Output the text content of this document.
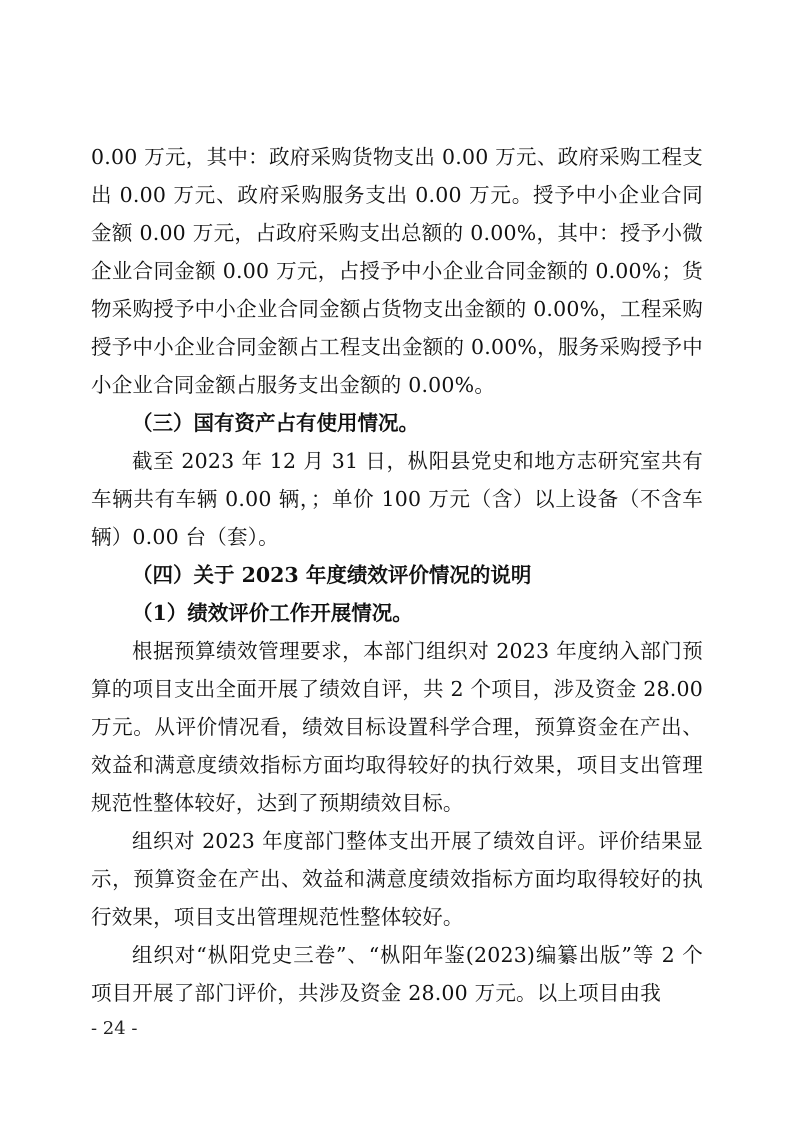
0.00 万元，其中：政府采购货物支出 0.00 万元、政府采购工程支出 0.00 万元、政府采购服务支出 0.00 万元。授予中小企业合同金额 0.00 万元，占政府采购支出总额的 0.00%，其中：授予小微企业合同金额 0.00 万元，占授予中小企业合同金额的 0.00%；货物采购授予中小企业合同金额占货物支出金额的 0.00%，工程采购授予中小企业合同金额占工程支出金额的 0.00%，服务采购授予中小企业合同金额占服务支出金额的 0.00%。

（三）国有资产占有使用情况。

截至 2023 年 12 月 31 日，枞阳县党史和地方志研究室共有车辆共有车辆 0.00 辆，；单价 100 万元（含）以上设备（不含车辆）0.00 台（套）。

（四）关于 2023 年度绩效评价情况的说明

（1）绩效评价工作开展情况。

根据预算绩效管理要求，本部门组织对 2023 年度纳入部门预算的项目支出全面开展了绩效自评，共 2 个项目，涉及资金 28.00 万元。从评价情况看，绩效目标设置科学合理，预算资金在产出、效益和满意度绩效指标方面均取得较好的执行效果，项目支出管理规范性整体较好，达到了预期绩效目标。

组织对 2023 年度部门整体支出开展了绩效自评。评价结果显示，预算资金在产出、效益和满意度绩效指标方面均取得较好的执行效果，项目支出管理规范性整体较好。

组织对“枞阳党史三卷”、“枞阳年鉴(2023)编纂出版”等 2 个项目开展了部门评价，共涉及资金 28.00 万元。以上项目由我

- 24 -
